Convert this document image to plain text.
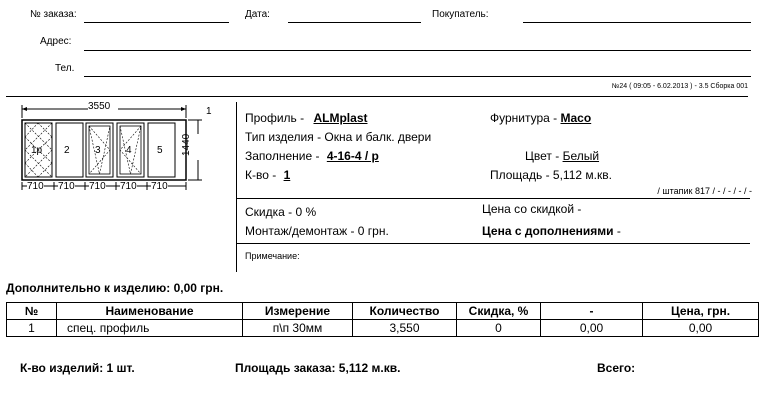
№ заказа:	Дата:	Покупатель:
Адрес:
Тел.
№24 ( 09:05 - 6.02.2013 ) - 3.5 Сборка 001
3550
1440
1
1р 2	3	4	5
710 710 710 710 710
Профиль - ALMplast	Фурнитура - Maco
Тип изделия - Окна и балк. двери
Заполнение - 4-16-4 / р	Цвет - Белый
К-во - 1	Площадь - 5,112 м.кв.
/ штапик 817 / - / - / - / -
Скидка - 0 %	Цена со скидкой -
Монтаж/демонтаж - 0 грн.	Цена с дополнениями -
Примечание:
Дополнительно к изделию: 0,00 грн.
№	Наименование	Измерение	Количество	Скидка, %	-	Цена, грн.
1	спец. профиль	п\п 30мм	3,550	0	0,00	0,00
К-во изделий: 1 шт.	Площадь заказа: 5,112 м.кв.	Всего:
